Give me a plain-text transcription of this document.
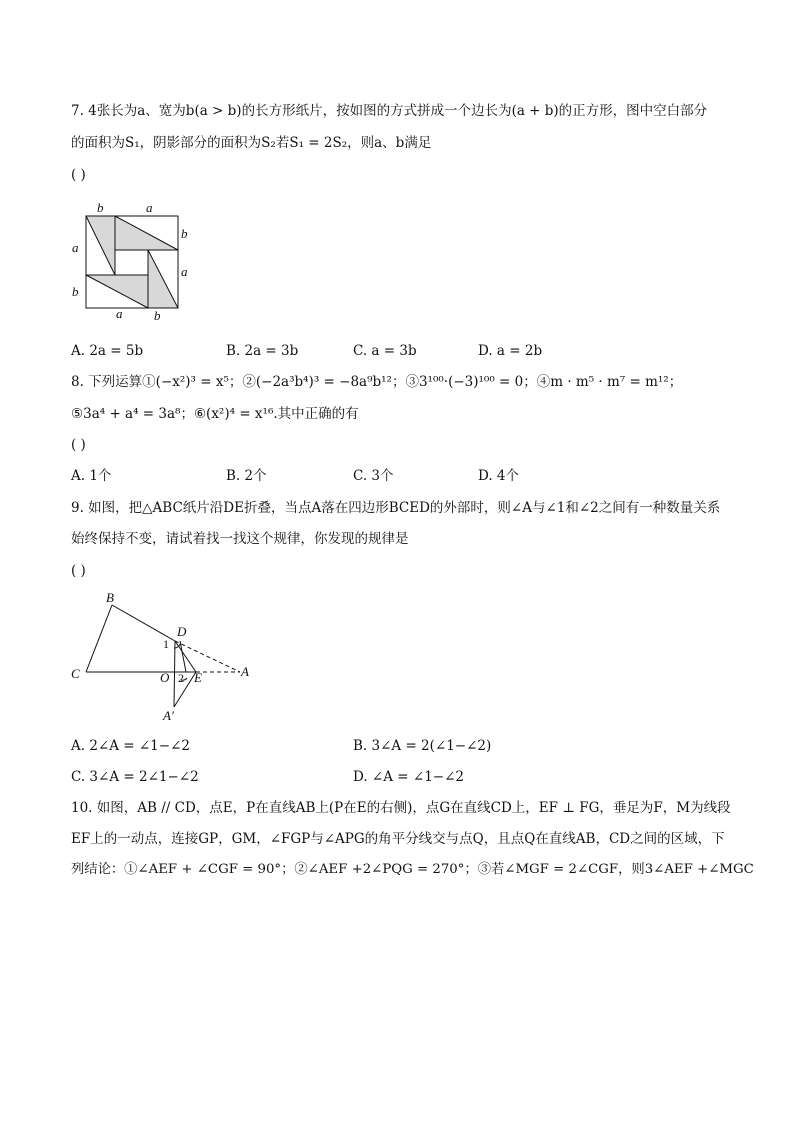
7. 4张长为a、宽为b(a > b)的长方形纸片，按如图的方式拼成一个边长为(a + b)的正方形，图中空白部分
的面积为S₁，阴影部分的面积为S₂若S₁ = 2S₂，则a、b满足
( )
b	a
b
a
a
b
a b
A. 2a = 5b	B. 2a = 3b	C. a = 3b	D. a = 2b
8. 下列运算①(−x²)³ = x⁵；②(−2a³b⁴)³ = −8a⁹b¹²；③3¹⁰⁰·(−3)¹⁰⁰ = 0；④m · m⁵ · m⁷ = m¹²；
⑤3a⁴ + a⁴ = 3a⁸；⑥(x²)⁴ = x¹⁶.其中正确的有
( )
A. 1个	B. 2个	C. 3个	D. 4个
9. 如图，把△ABC纸片沿DE折叠，当点A落在四边形BCED的外部时，则∠A与∠1和∠2之间有一种数量关系
始终保持不变，请试着找一找这个规律，你发现的规律是
( )
B
D
1
C	O 2 E	A
A′
A. 2∠A = ∠1−∠2	B. 3∠A = 2(∠1−∠2)
C. 3∠A = 2∠1−∠2	D. ∠A = ∠1−∠2
10. 如图，AB // CD，点E，P在直线AB上(P在E的右侧)，点G在直线CD上，EF ⊥ FG，垂足为F，M为线段
EF上的一动点，连接GP，GM，∠FGP与∠APG的角平分线交与点Q，且点Q在直线AB，CD之间的区域，下
列结论：①∠AEF + ∠CGF = 90°；②∠AEF +2∠PQG = 270°；③若∠MGF = 2∠CGF，则3∠AEF +∠MGC
